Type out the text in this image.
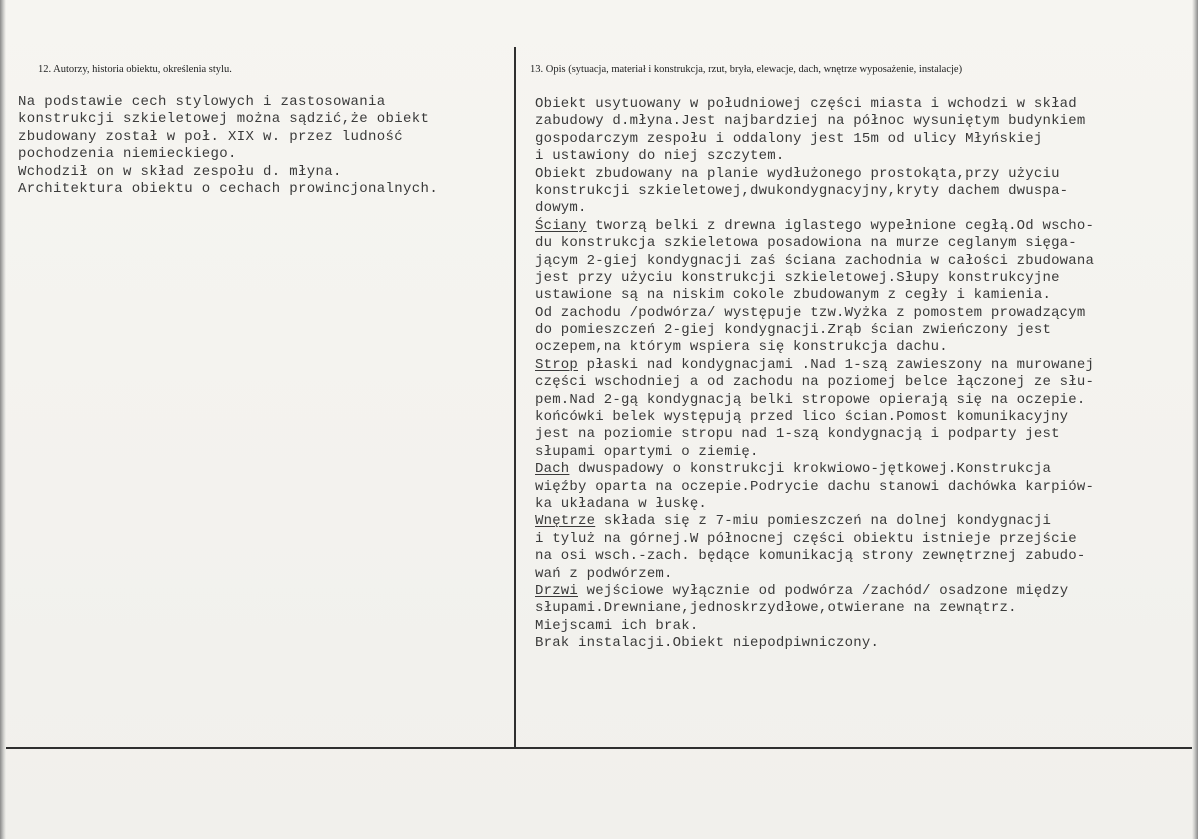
12. Autorzy, historia obiektu, określenia stylu.	13. Opis (sytuacja, materiał i konstrukcja, rzut, bryła, elewacje, dach, wnętrze wyposażenie, instalacje)
Na podstawie cech stylowych i zastosowania
konstrukcji szkieletowej można sądzić,że obiekt
zbudowany został w poł. XIX w. przez ludność
pochodzenia niemieckiego.
Wchodził on w skład zespołu d. młyna.
Architektura obiektu o cechach prowincjonalnych.
Obiekt usytuowany w południowej części miasta i wchodzi w skład
zabudowy d.młyna.Jest najbardziej na północ wysuniętym budynkiem
gospodarczym zespołu i oddalony jest 15m od ulicy Młyńskiej
i ustawiony do niej szczytem.
Obiekt zbudowany na planie wydłużonego prostokąta,przy użyciu
konstrukcji szkieletowej,dwukondygnacyjny,kryty dachem dwuspa-
dowym.
Ściany tworzą belki z drewna iglastego wypełnione cegłą.Od wscho-
du konstrukcja szkieletowa posadowiona na murze ceglanym sięga-
jącym 2-giej kondygnacji zaś ściana zachodnia w całości zbudowana
jest przy użyciu konstrukcji szkieletowej.Słupy konstrukcyjne
ustawione są na niskim cokole zbudowanym z cegły i kamienia.
Od zachodu /podwórza/ występuje tzw.Wyżka z pomostem prowadzącym
do pomieszczeń 2-giej kondygnacji.Zrąb ścian zwieńczony jest
oczepem,na którym wspiera się konstrukcja dachu.
Strop płaski nad kondygnacjami .Nad 1-szą zawieszony na murowanej
części wschodniej a od zachodu na poziomej belce łączonej ze słu-
pem.Nad 2-gą kondygnacją belki stropowe opierają się na oczepie.
końcówki belek występują przed lico ścian.Pomost komunikacyjny
jest na poziomie stropu nad 1-szą kondygnacją i podparty jest
słupami opartymi o ziemię.
Dach dwuspadowy o konstrukcji krokwiowo-jętkowej.Konstrukcja
więźby oparta na oczepie.Podrycie dachu stanowi dachówka karpiów-
ka układana w łuskę.
Wnętrze składa się z 7-miu pomieszczeń na dolnej kondygnacji
i tyluż na górnej.W północnej części obiektu istnieje przejście
na osi wsch.-zach. będące komunikacją strony zewnętrznej zabudo-
wań z podwórzem.
Drzwi wejściowe wyłącznie od podwórza /zachód/ osadzone między
słupami.Drewniane,jednoskrzydłowe,otwierane na zewnątrz.
Miejscami ich brak.
Brak instalacji.Obiekt niepodpiwniczony.
